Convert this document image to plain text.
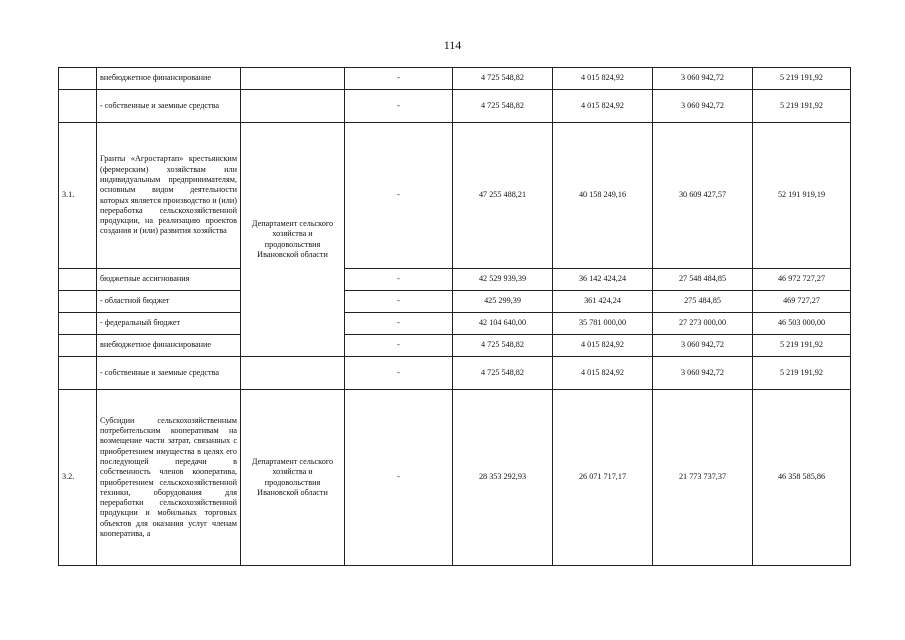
114
	внебюджетное финансирование		-	4 725 548,82	4 015 824,92	3 060 942,72	5 219 191,92
	- собственные и заемные средства		-	4 725 548,82	4 015 824,92	3 060 942,72	5 219 191,92
3.1.	Гранты «Агростартап» крестьянским (фермерским) хозяйствам или индивидуальным предпринимателям, основным видом деятельности которых является производство и (или) переработка сельскохозяйственной продукции, на реализацию проектов создания и (или) развития хозяйства	Департамент сельского хозяйства и продовольствия Ивановской области	-	47 255 488,21	40 158 249,16	30 609 427,57	52 191 919,19
	бюджетные ассигнования		-	42 529 939,39	36 142 424,24	27 548 484,85	46 972 727,27
	- областной бюджет		-	425 299,39	361 424,24	275 484,85	469 727,27
	- федеральный бюджет		-	42 104 640,00	35 781 000,00	27 273 000,00	46 503 000,00
	внебюджетное финансирование		-	4 725 548,82	4 015 824,92	3 060 942,72	5 219 191,92
	- собственные и заемные средства		-	4 725 548,82	4 015 824,92	3 060 942,72	5 219 191,92
3.2.	Субсидии сельскохозяйственным потребительским кооперативам на возмещение части затрат, связанных с приобретением имущества в целях его последующей передачи в собственность членов кооператива, приобретением сельскохозяйственной техники, оборудования для переработки сельскохозяйственной продукции и мобильных торговых объектов для оказания услуг членам кооператива, а	Департамент сельского хозяйства и продовольствия Ивановской области	-	28 353 292,93	26 071 717,17	21 773 737,37	46 358 585,86
